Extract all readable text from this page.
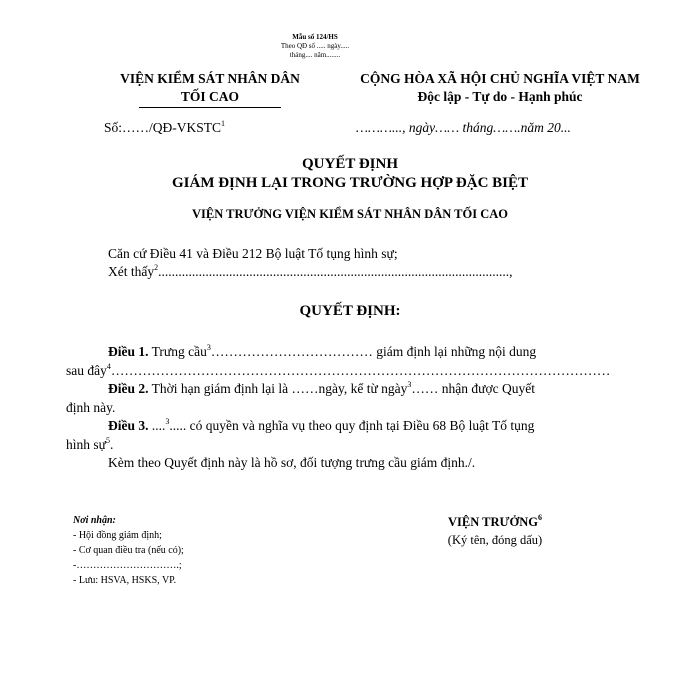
Mẫu số 124/HS
Theo QĐ số ..... ngày.....
tháng.... năm........
VIỆN KIỂM SÁT NHÂN DÂN
TỐI CAO
CỘNG HÒA XÃ HỘI CHỦ NGHĨA VIỆT NAM
Độc lập - Tự do - Hạnh phúc
Số:……/QĐ-VKSTC$^1$	………..., ngày…… tháng…….năm 20...
QUYẾT ĐỊNH
GIÁM ĐỊNH LẠI TRONG TRƯỜNG HỢP ĐẶC BIỆT
VIỆN TRƯỞNG VIỆN KIỂM SÁT NHÂN DÂN TỐI CAO
Căn cứ Điều 41 và Điều 212 Bộ luật Tố tụng hình sự;
Xét thấy$^2$........................................................................................................,
QUYẾT ĐỊNH:
Điều 1. Trưng cầu$^3$……………………………… giám định lại những nội dung
sau đây$^4$…………………………………………………………………………………………………
Điều 2. Thời hạn giám định lại là ……ngày, kể từ ngày$^3$…… nhận được Quyết
định này.
Điều 3. ....$^3$..... có quyền và nghĩa vụ theo quy định tại Điều 68 Bộ luật Tố tụng
hình sự$^5$.
Kèm theo Quyết định này là hồ sơ, đối tượng trưng cầu giám định./.
Nơi nhận:
- Hội đồng giám định;
- Cơ quan điều tra (nếu có);
-………………………….;
- Lưu: HSVA, HSKS, VP.
VIỆN TRƯỞNG$^6$
(Ký tên, đóng dấu)
